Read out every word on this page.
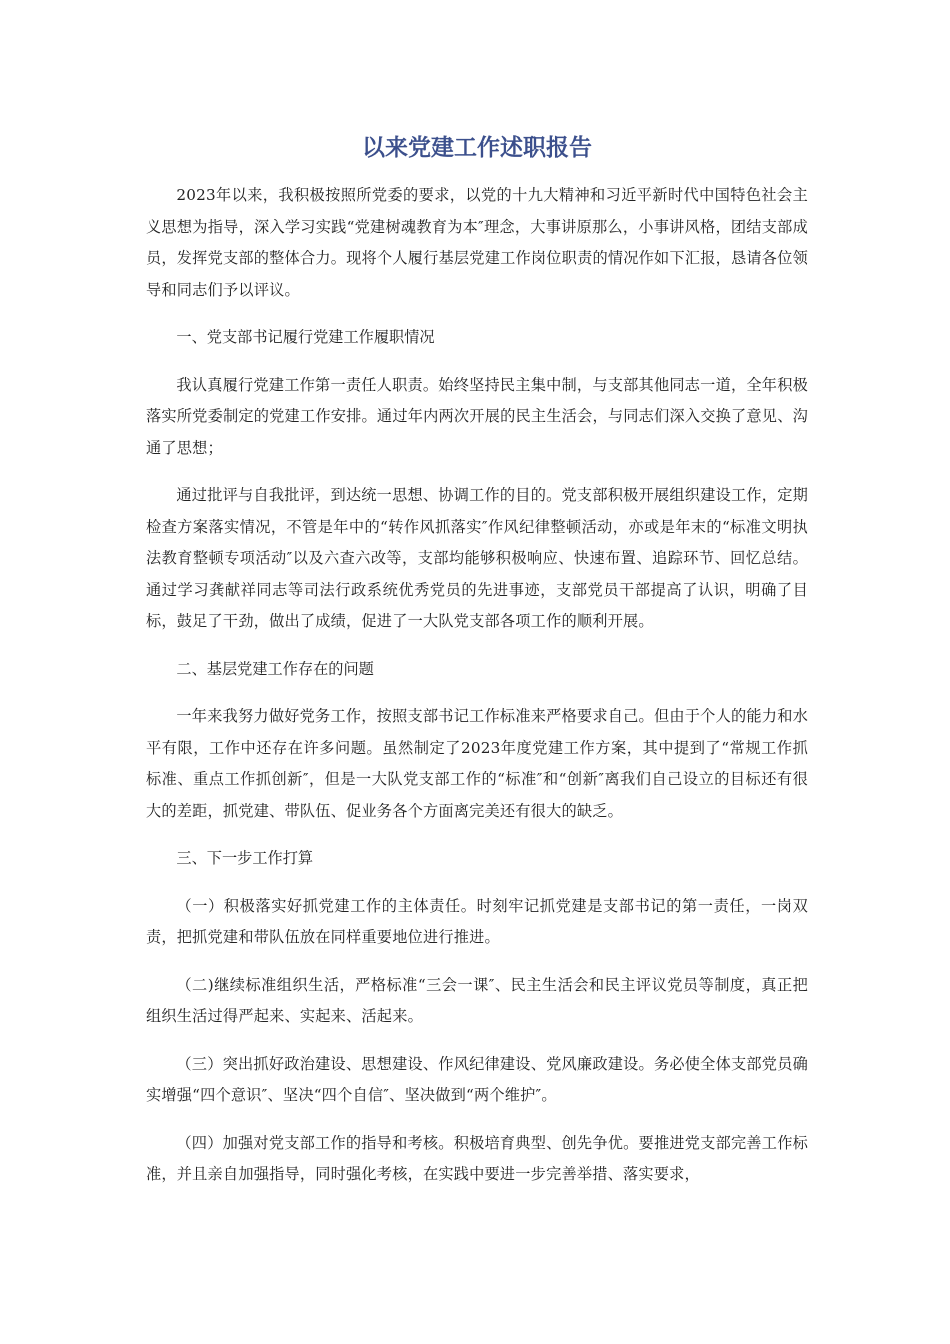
以来党建工作述职报告

2023年以来，我积极按照所党委的要求，以党的十九大精神和习近平新时代中国特色社会主义思想为指导，深入学习实践“党建树魂教育为本″理念，大事讲原那么，小事讲风格，团结支部成员，发挥党支部的整体合力。现将个人履行基层党建工作岗位职责的情况作如下汇报，恳请各位领导和同志们予以评议。

一、党支部书记履行党建工作履职情况

我认真履行党建工作第一责任人职责。始终坚持民主集中制，与支部其他同志一道，全年积极落实所党委制定的党建工作安排。通过年内两次开展的民主生活会，与同志们深入交换了意见、沟通了思想；

通过批评与自我批评，到达统一思想、协调工作的目的。党支部积极开展组织建设工作，定期检查方案落实情况，不管是年中的“转作风抓落实″作风纪律整顿活动，亦或是年末的“标准文明执法教育整顿专项活动″以及六查六改等，支部均能够积极响应、快速布置、追踪环节、回忆总结。通过学习龚献祥同志等司法行政系统优秀党员的先进事迹，支部党员干部提高了认识，明确了目标，鼓足了干劲，做出了成绩，促进了一大队党支部各项工作的顺利开展。

二、基层党建工作存在的问题

一年来我努力做好党务工作，按照支部书记工作标准来严格要求自己。但由于个人的能力和水平有限，工作中还存在许多问题。虽然制定了2023年度党建工作方案，其中提到了“常规工作抓标准、重点工作抓创新″，但是一大队党支部工作的“标准″和“创新″离我们自己设立的目标还有很大的差距，抓党建、带队伍、促业务各个方面离完美还有很大的缺乏。

三、下一步工作打算

（一）积极落实好抓党建工作的主体责任。时刻牢记抓党建是支部书记的第一责任，一岗双责，把抓党建和带队伍放在同样重要地位进行推进。

（二)继续标准组织生活，严格标准“三会一课″、民主生活会和民主评议党员等制度，真正把组织生活过得严起来、实起来、活起来。

（三）突出抓好政治建设、思想建设、作风纪律建设、党风廉政建设。务必使全体支部党员确实增强“四个意识″、坚决“四个自信″、坚决做到“两个维护″。

（四）加强对党支部工作的指导和考核。积极培育典型、创先争优。要推进党支部完善工作标准，并且亲自加强指导，同时强化考核，在实践中要进一步完善举措、落实要求，
